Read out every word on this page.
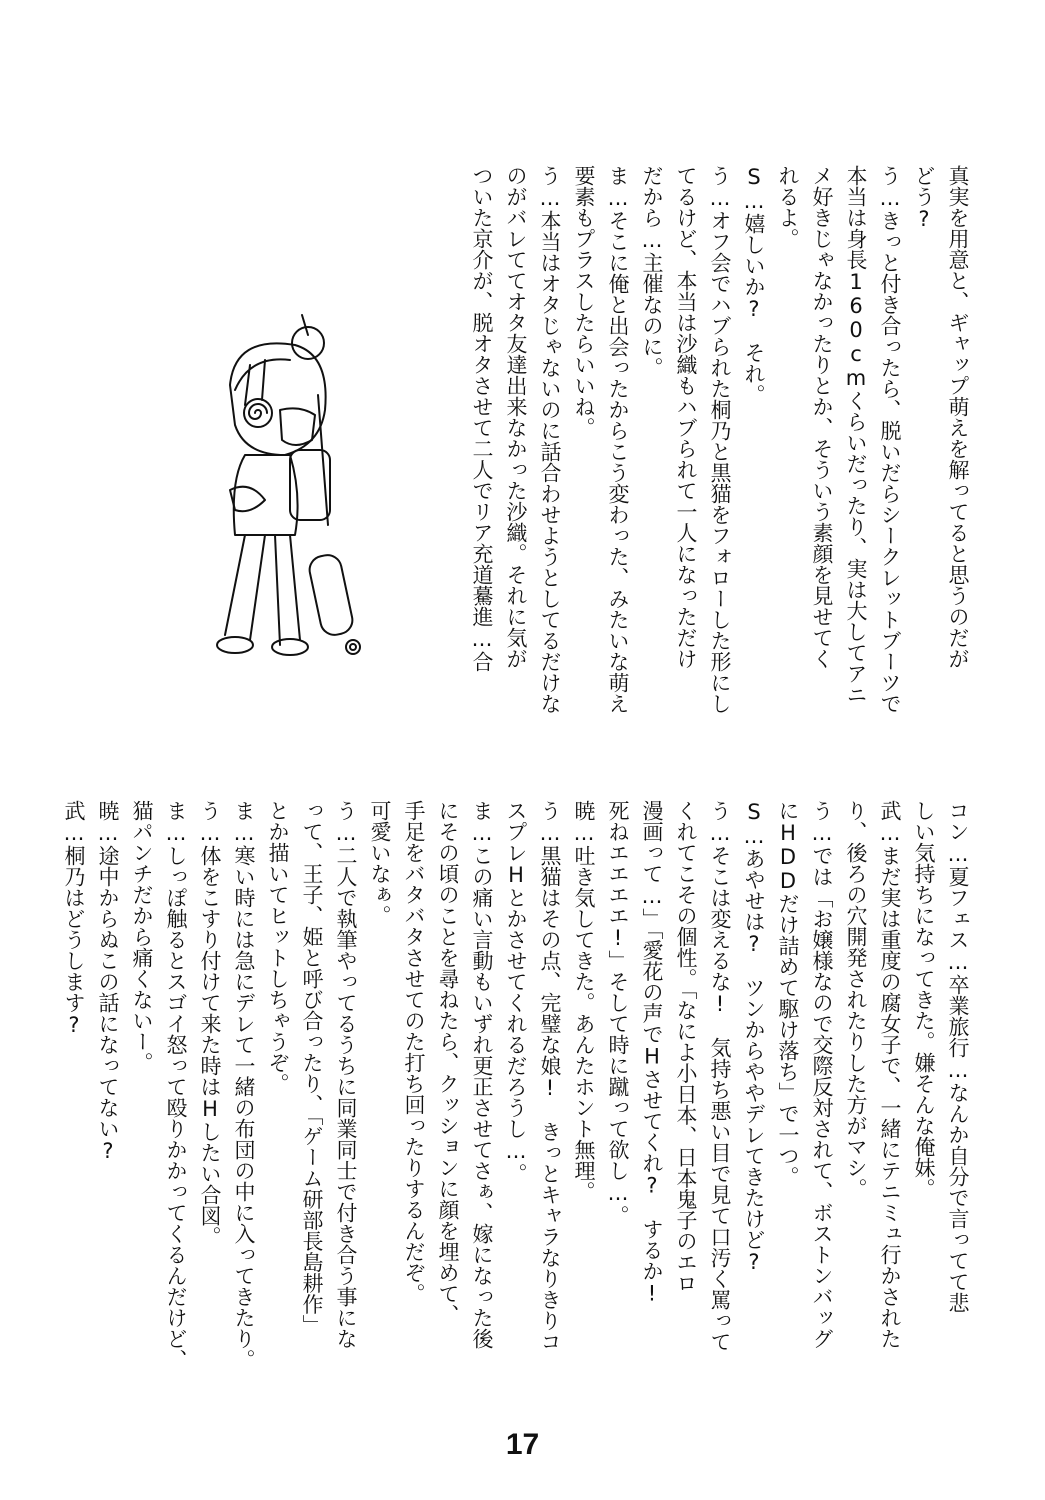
真実を用意と、ギャップ萌えを解ってると思うのだが
どう?
う…きっと付き合ったら、脱いだらシークレットブーツで
本当は身長160cmくらいだったり、実は大してアニ
メ好きじゃなかったりとか、そういう素顔を見せてく
れるよ。
S…嬉しいか?　それ。
う…オフ会でハブられた桐乃と黒猫をフォローした形にし
てるけど、本当は沙織もハブられて一人になっただけ
だから…主催なのに。
ま…そこに俺と出会ったからこう変わった、みたいな萌え
要素もプラスしたらいいね。
う…本当はオタじゃないのに話合わせようとしてるだけな
のがバレててオタ友達出来なかった沙織。それに気が
ついた京介が、脱オタさせて二人でリア充道驀進…合
コン…夏フェス…卒業旅行…なんか自分で言ってて悲
しい気持ちになってきた。嫌そんな俺妹。
武…まだ実は重度の腐女子で、一緒にテニミュ行かされた
り、後ろの穴開発されたりした方がマシ。
う…では「お嬢様なので交際反対されて、ボストンバッグ
にHDDだけ詰めて駆け落ち」で一つ。
S…あやせは?　ツンからややデレてきたけど?
う…そこは変えるな!　気持ち悪い目で見て口汚く罵って
くれてこその個性。「なによ小日本、日本鬼子のエロ
漫画って…」「愛花の声でHさせてくれ?　するか!
死ねエエエエ!」そして時に蹴って欲し…。
暁…吐き気してきた。あんたホント無理。
う…黒猫はその点、完璧な娘!　きっとキャラなりきりコ
スプレHとかさせてくれるだろうし…。
ま…この痛い言動もいずれ更正させてさぁ、嫁になった後
にその頃のことを尋ねたら、クッションに顔を埋めて、
手足をバタバタさせてのた打ち回ったりするんだぞ。
可愛いなぁ。
う…二人で執筆やってるうちに同業同士で付き合う事にな
って、王子、姫と呼び合ったり、「ゲーム研部長島耕作」
とか描いてヒットしちゃうぞ。
ま…寒い時には急にデレて一緒の布団の中に入ってきたり。
う…体をこすり付けて来た時はHしたい合図。
ま…しっぽ触るとスゴイ怒って殴りかかってくるんだけど、
猫パンチだから痛くないー。
暁…途中からぬこの話になってない?
武…桐乃はどうします?
17
